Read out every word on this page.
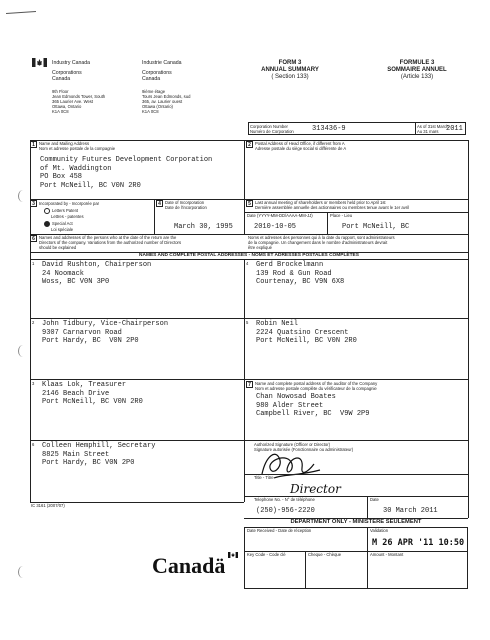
Industry Canada	Industrie Canada
Corporations
Canada
Corporations
Canada
9th Floor
Jean Edmonds Tower, South
365 Laurier Ave. West
Ottawa, Ontario
K1A 0C8
9ième étage
Tours Jean Edmonds, sud
365, av. Laurier ouest
Ottawa (Ontario)
K1A 0C8
FORM 3
ANNUAL SUMMARY
( Section 133)
FORMULE 3
SOMMAIRE ANNUEL
(Article 133)
Corporation Number
Numéro de Corporation	313436-9	As of 31st March
Au 31 mars	2011
1 Name and Mailing Address
Nom et adresse postale de la compagnie
Community Futures Development Corporation
of Mt. Waddington
PO Box 458
Port McNeill, BC V0N 2R0
2 Postal Address of Head Office, if different from A
Adresse postale du siège social si différente de A
3 Incorporated by - Incorporée par
Letters Patent
Lettres - patentes
Special Act
Loi spéciale
4 Date of Incorporation
Date de l'incorporation
March 30, 1995
5 Last annual meeting of shareholders or members held prior to April 1st
Dernière assemblée annuelle des actionnaires ou membres tenue avant le 1er avril
Date (YYYY-MM-DD/AAAA-MM-JJ)	Place - Lieu
2010-10-05	Port McNeill, BC
6 Names and addresses of the persons who at the date of the return are the
Directors of the company. Variations from the authorized number of Directors
should be explained
Noms et adresses des personnes qui à la date du rapport, sont administrateurs
de la compagnie. Un changement dans le nombre d'administrateurs devrait
être expliqué
NAMES AND COMPLETE POSTAL ADDRESSES - NOMS ET ADRESSES POSTALES COMPLÈTES
1 David Rushton, Chairperson
24 Noomack
Woss, BC V0N 3P0
4 Gerd Brockelmann
139 Rod & Gun Road
Courtenay, BC V9N 6X8
2 John Tidbury, Vice-Chairperson
9307 Carnarvon Road
Port Hardy, BC  V0N 2P0
5 Robin Neil
2224 Quatsino Crescent
Port McNeill, BC V0N 2R0
3 Klaas Lok, Treasurer
2146 Beach Drive
Port McNeill, BC V0N 2R0
7 Name and complete postal address of the auditor of the Company
Nom et adresse postale complète du vérificateur de la compagnie
Chan Nowosad Boates
980 Alder Street
Campbell River, BC  V9W 2P9
6 Colleen Hemphill, Secretary
8825 Main Street
Port Hardy, BC V0N 2P0
Authorized Signature (Officer or Director)
Signature autorisée (Fonctionnaire ou administrateur)
Title - Titre
Director
Telephone No. - N° de téléphone	Date
(250)-956-2220	30 March 2011
IC 3161 (2007/07)
DEPARTMENT ONLY - MINISTÈRE SEULEMENT
Date Received - Date de réception	Validation
M 26 APR '11 10:50
Key Code - Code clé	Cheque - Chèque	Amount - Montant
Canadä
